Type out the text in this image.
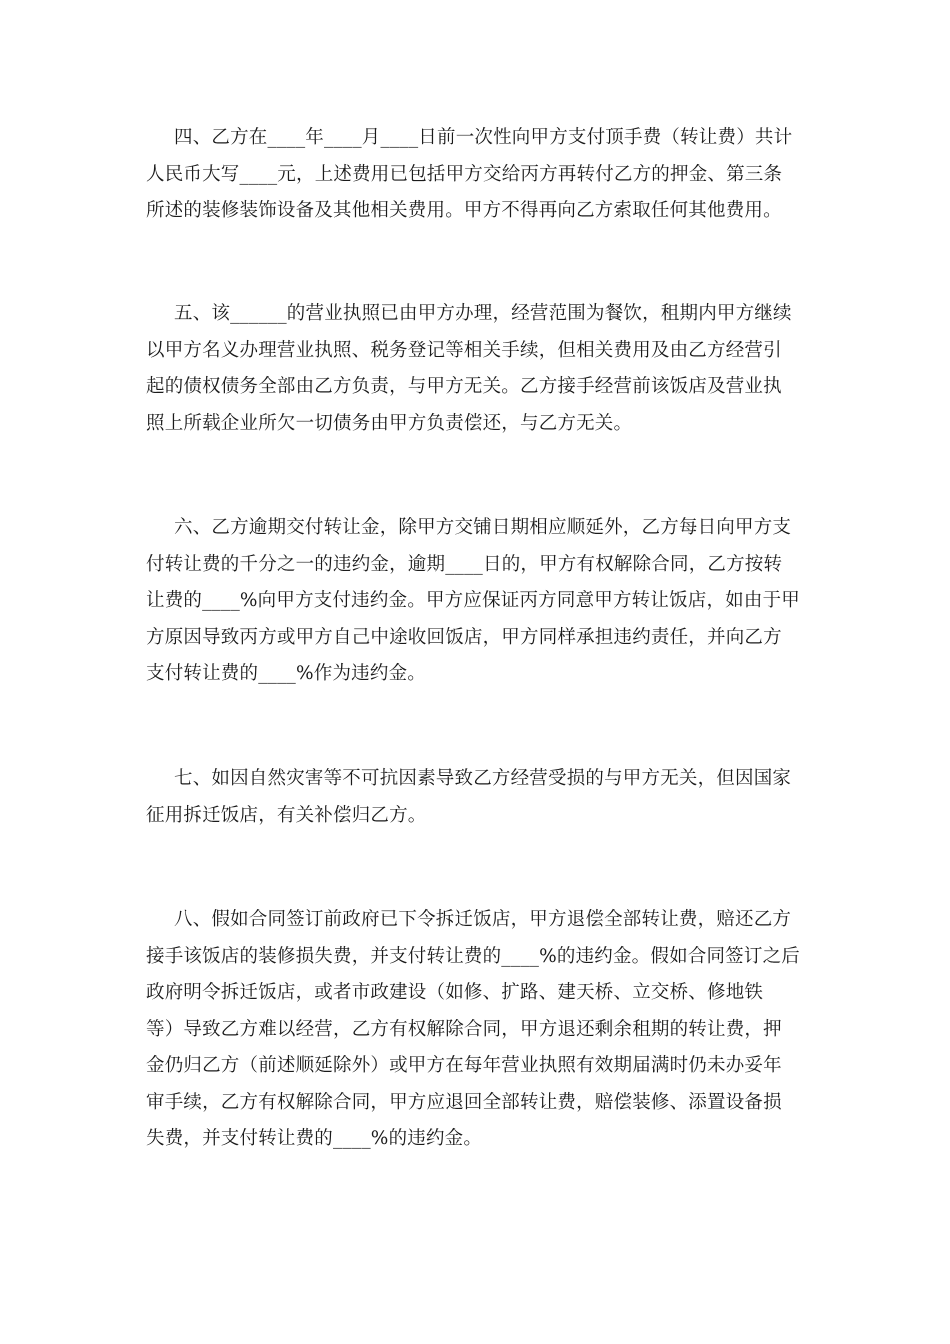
四、乙方在____年____月____日前一次性向甲方支付顶手费（转让费）共计
人民币大写____元，上述费用已包括甲方交给丙方再转付乙方的押金、第三条
所述的装修装饰设备及其他相关费用。甲方不得再向乙方索取任何其他费用。
五、该______的营业执照已由甲方办理，经营范围为餐饮，租期内甲方继续
以甲方名义办理营业执照、税务登记等相关手续，但相关费用及由乙方经营引
起的债权债务全部由乙方负责，与甲方无关。乙方接手经营前该饭店及营业执
照上所载企业所欠一切债务由甲方负责偿还，与乙方无关。
六、乙方逾期交付转让金，除甲方交铺日期相应顺延外，乙方每日向甲方支
付转让费的千分之一的违约金，逾期____日的，甲方有权解除合同，乙方按转
让费的____%向甲方支付违约金。甲方应保证丙方同意甲方转让饭店，如由于甲
方原因导致丙方或甲方自己中途收回饭店，甲方同样承担违约责任，并向乙方
支付转让费的____%作为违约金。
七、如因自然灾害等不可抗因素导致乙方经营受损的与甲方无关，但因国家
征用拆迁饭店，有关补偿归乙方。
八、假如合同签订前政府已下令拆迁饭店，甲方退偿全部转让费，赔还乙方
接手该饭店的装修损失费，并支付转让费的____%的违约金。假如合同签订之后
政府明令拆迁饭店，或者市政建设（如修、扩路、建天桥、立交桥、修地铁
等）导致乙方难以经营，乙方有权解除合同，甲方退还剩余租期的转让费，押
金仍归乙方（前述顺延除外）或甲方在每年营业执照有效期届满时仍未办妥年
审手续，乙方有权解除合同，甲方应退回全部转让费，赔偿装修、添置设备损
失费，并支付转让费的____%的违约金。
